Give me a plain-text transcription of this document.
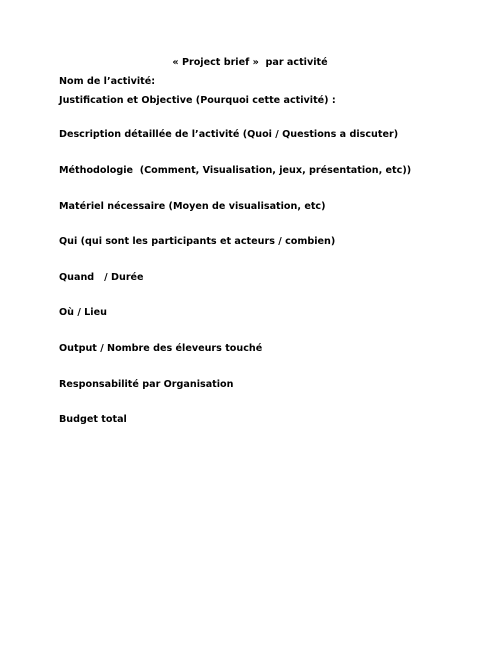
« Project brief »  par activité
Nom de l’activité:
Justification et Objective (Pourquoi cette activité) :
Description détaillée de l’activité (Quoi / Questions a discuter)
Méthodologie  (Comment, Visualisation, jeux, présentation, etc))
Matériel nécessaire (Moyen de visualisation, etc)
Qui (qui sont les participants et acteurs / combien)
Quand   / Durée
Où / Lieu
Output / Nombre des éleveurs touché
Responsabilité par Organisation
Budget total
